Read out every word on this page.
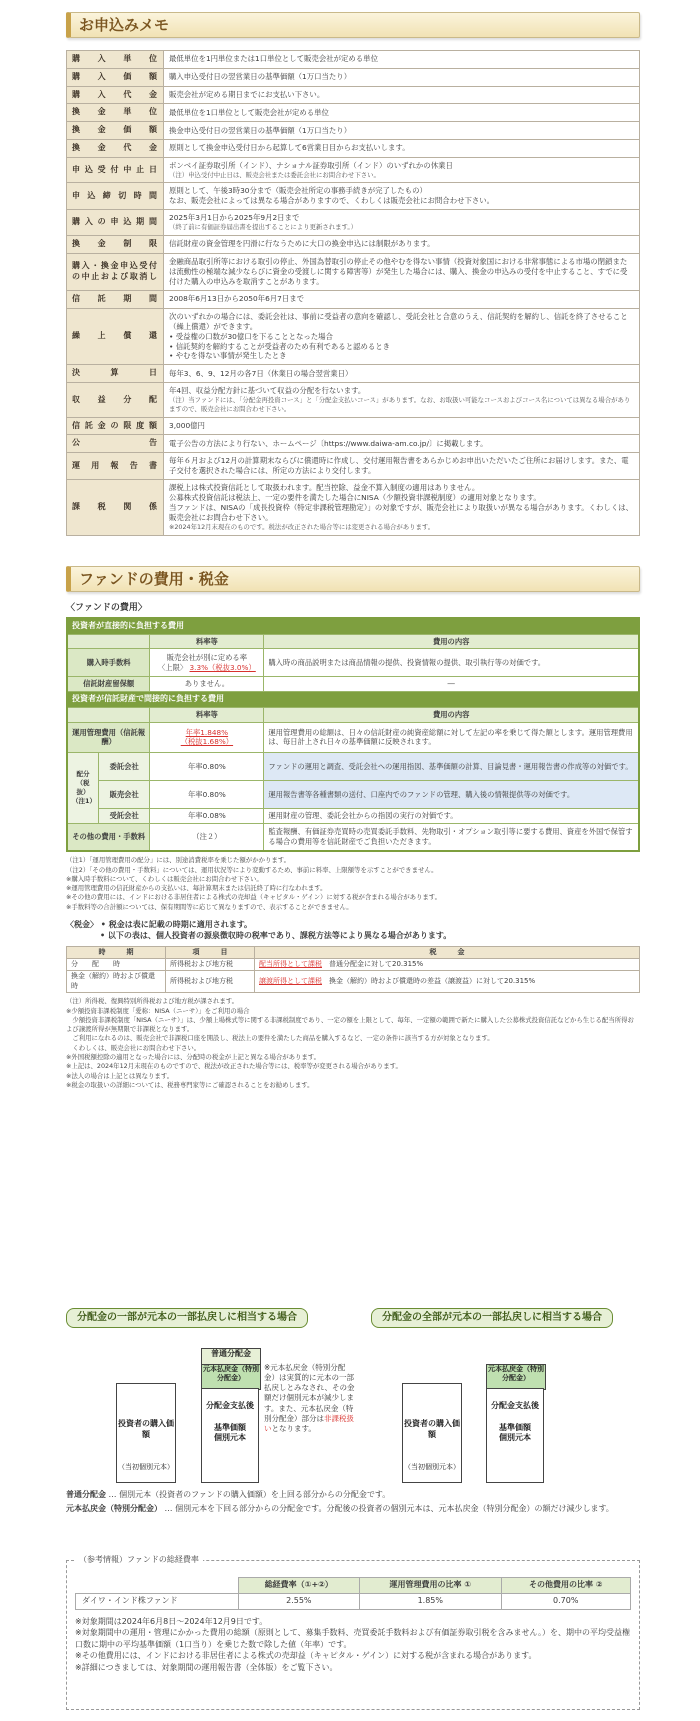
お申込みメモ
購入単位	最低単位を1円単位または1口単位として販売会社が定める単位

購入価額	購入申込受付日の翌営業日の基準価額（1万口当たり）

購入代金	販売会社が定める期日までにお支払い下さい。

換金単位	最低単位を1口単位として販売会社が定める単位

換金価額	換金申込受付日の翌営業日の基準価額（1万口当たり）

換金代金	原則として換金申込受付日から起算して6営業日目からお支払いします。

申込受付中止日	ボンベイ証券取引所（インド）、ナショナル証券取引所（インド）のいずれかの休業日
（注）申込受付中止日は、販売会社または委託会社にお問合わせ下さい。

申込締切時間	原則として、午後3時30分まで（販売会社所定の事務手続きが完了したもの）
なお、販売会社によっては異なる場合がありますので、くわしくは販売会社にお問合わせ下さい。

購入の申込期間	2025年3月1日から2025年9月2日まで
（終了前に有価証券届出書を提出することにより更新されます。）

換金制限	信託財産の資金管理を円滑に行なうために大口の換金申込には制限があります。

購入・換金申込受付の中止および取消し	金融商品取引所等における取引の停止、外国為替取引の停止その他やむを得ない事情（投資対象国における非常事態による市場の閉鎖または流動性の極端な減少ならびに資金の受渡しに関する障害等）が発生した場合には、購入、換金の申込みの受付を中止すること、すでに受付けた購入の申込みを取消すことがあります。

信託期間	2008年6月13日から2050年6月7日まで

繰上償還	次のいずれかの場合には、委託会社は、事前に受益者の意向を確認し、受託会社と合意のうえ、信託契約を解約し、信託を終了させること（繰上償還）ができます。
• 受益権の口数が30億口を下ることとなった場合
• 信託契約を解約することが受益者のため有利であると認めるとき
• やむを得ない事情が発生したとき

決算日	毎年3、6、9、12月の各7日（休業日の場合翌営業日）

収益分配	年4回、収益分配方針に基づいて収益の分配を行ないます。
（注）当ファンドには、「分配金再投資コース」と「分配金支払いコース」があります。なお、お取扱い可能なコースおよびコース名については異なる場合がありますので、販売会社にお問合わせ下さい。

信託金の限度額	3,000億円

公告	電子公告の方法により行ない、ホームページ〔https://www.daiwa-am.co.jp/〕に掲載します。

運用報告書	毎年６月および12月の計算期末ならびに償還時に作成し、交付運用報告書をあらかじめお申出いただいたご住所にお届けします。また、電子交付を選択された場合には、所定の方法により交付します。

課税関係	課税上は株式投資信託として取扱われます。配当控除、益金不算入制度の適用はありません。
公募株式投資信託は税法上、一定の要件を満たした場合にNISA（少額投資非課税制度）の適用対象となります。
当ファンドは、NISAの「成長投資枠（特定非課税管理勘定）」の対象ですが、販売会社により取扱いが異なる場合があります。くわしくは、販売会社にお問合わせ下さい。
※2024年12月末現在のものです。税法が改正された場合等には変更される場合があります。
ファンドの費用・税金
〈ファンドの費用〉
投資者が直接的に負担する費用			
		料率等	費用の内容
購入時手数料		販売会社が別に定める率
〈上限〉 3.3%（税抜3.0%）	購入時の商品説明または商品情報の提供、投資情報の提供、取引執行等の対価です。
信託財産留保額		ありません。	―
投資者が信託財産で間接的に負担する費用			
		料率等	費用の内容
運用管理費用（信託報酬）		年率1.848%
（税抜1.68%）	運用管理費用の総額は、日々の信託財産の純資産総額に対して左記の率を乗じて得た額とします。運用管理費用は、毎日計上され日々の基準価額に反映されます。
配分（税抜）（注1）	委託会社	年率0.80%	ファンドの運用と調査、受託会社への運用指図、基準価額の計算、目論見書・運用報告書の作成等の対価です。
	販売会社	年率0.80%	運用報告書等各種書類の送付、口座内でのファンドの管理、購入後の情報提供等の対価です。
	受託会社	年率0.08%	運用財産の管理、委託会社からの指図の実行の対価です。
その他の費用・手数料		（注２）	監査報酬、有価証券売買時の売買委託手数料、先物取引・オプション取引等に要する費用、資産を外国で保管する場合の費用等を信託財産でご負担いただきます。
（注1）「運用管理費用の配分」には、別途消費税率を乗じた額がかかります。
（注2）「その他の費用・手数料」については、運用状況等により変動するため、事前に料率、上限額等を示すことができません。
※購入時手数料について、くわしくは販売会社にお問合わせ下さい。
※運用管理費用の信託財産からの支払いは、毎計算期末または信託終了時に行なわれます。
※その他の費用には、インドにおける非居住者による株式の売却益（キャピタル・ゲイン）に対する税が含まれる場合があります。
※手数料等の合計額については、保有期間等に応じて異なりますので、表示することができません。
〈税金〉 • 税金は表に記載の時期に適用されます。
• 以下の表は、個人投資者の源泉徴収時の税率であり、課税方法等により異なる場合があります。
時　　　期	項　　　目	税　　　金
分　　配　　時	所得税および地方税	配当所得として課税　 普通分配金に対して20.315%
換金（解約）時および償還時	所得税および地方税	譲渡所得として課税　 換金（解約）時および償還時の差益（譲渡益）に対して20.315%
（注）所得税、復興特別所得税および地方税が課されます。
※少額投資非課税制度「愛称：NISA（ニーサ）」をご利用の場合
　少額投資非課税制度「NISA（ニーサ）」は、少額上場株式等に関する非課税制度であり、一定の額を上限として、毎年、一定額の範囲で新たに購入した公募株式投資信託などから生じる配当所得および譲渡所得が無期限で非課税となります。
　ご利用になれるのは、販売会社で非課税口座を開設し、税法上の要件を満たした商品を購入するなど、一定の条件に該当する方が対象となります。
　くわしくは、販売会社にお問合わせ下さい。
※外国税額控除の適用となった場合には、分配時の税金が上記と異なる場合があります。
※上記は、2024年12月末現在のものですので、税法が改正された場合等には、税率等が変更される場合があります。
※法人の場合は上記とは異なります。
※税金の取扱いの詳細については、税務専門家等にご確認されることをお勧めします。
分配金の一部が元本の一部払戻しに相当する場合	分配金の全部が元本の一部払戻しに相当する場合
投資者の購入価額

（当初個別元本）
普通分配金
元本払戻金（特別分配金）
分配金支払後

基準価額
個別元本
※元本払戻金（特別分配金）は実質的に元本の一部払戻しとみなされ、その金額だけ個別元本が減少します。また、元本払戻金（特別分配金）部分は非課税扱いとなります。
投資者の購入価額

（当初個別元本）
元本払戻金（特別分配金）
分配金支払後

基準価額
個別元本
普通分配金 … 個別元本（投資者のファンドの購入価額）を上回る部分からの分配金です。
元本払戻金（特別分配金） … 個別元本を下回る部分からの分配金です。分配後の投資者の個別元本は、元本払戻金（特別分配金）の額だけ減少します。
（参考情報）ファンドの総経費率
	総経費率（①+②）	運用管理費用の比率 ①	その他費用の比率 ②
ダイワ・インド株ファンド	2.55%	1.85%	0.70%
※対象期間は2024年6月8日～2024年12月9日です。
※対象期間中の運用・管理にかかった費用の総額（原則として、募集手数料、売買委託手数料および有価証券取引税を含みません。）を、期中の平均受益権口数に期中の平均基準価額（1口当り）を乗じた数で除した値（年率）です。
※その他費用には、インドにおける非居住者による株式の売却益（キャピタル・ゲイン）に対する税が含まれる場合があります。
※詳細につきましては、対象期間の運用報告書（全体版）をご覧下さい。
